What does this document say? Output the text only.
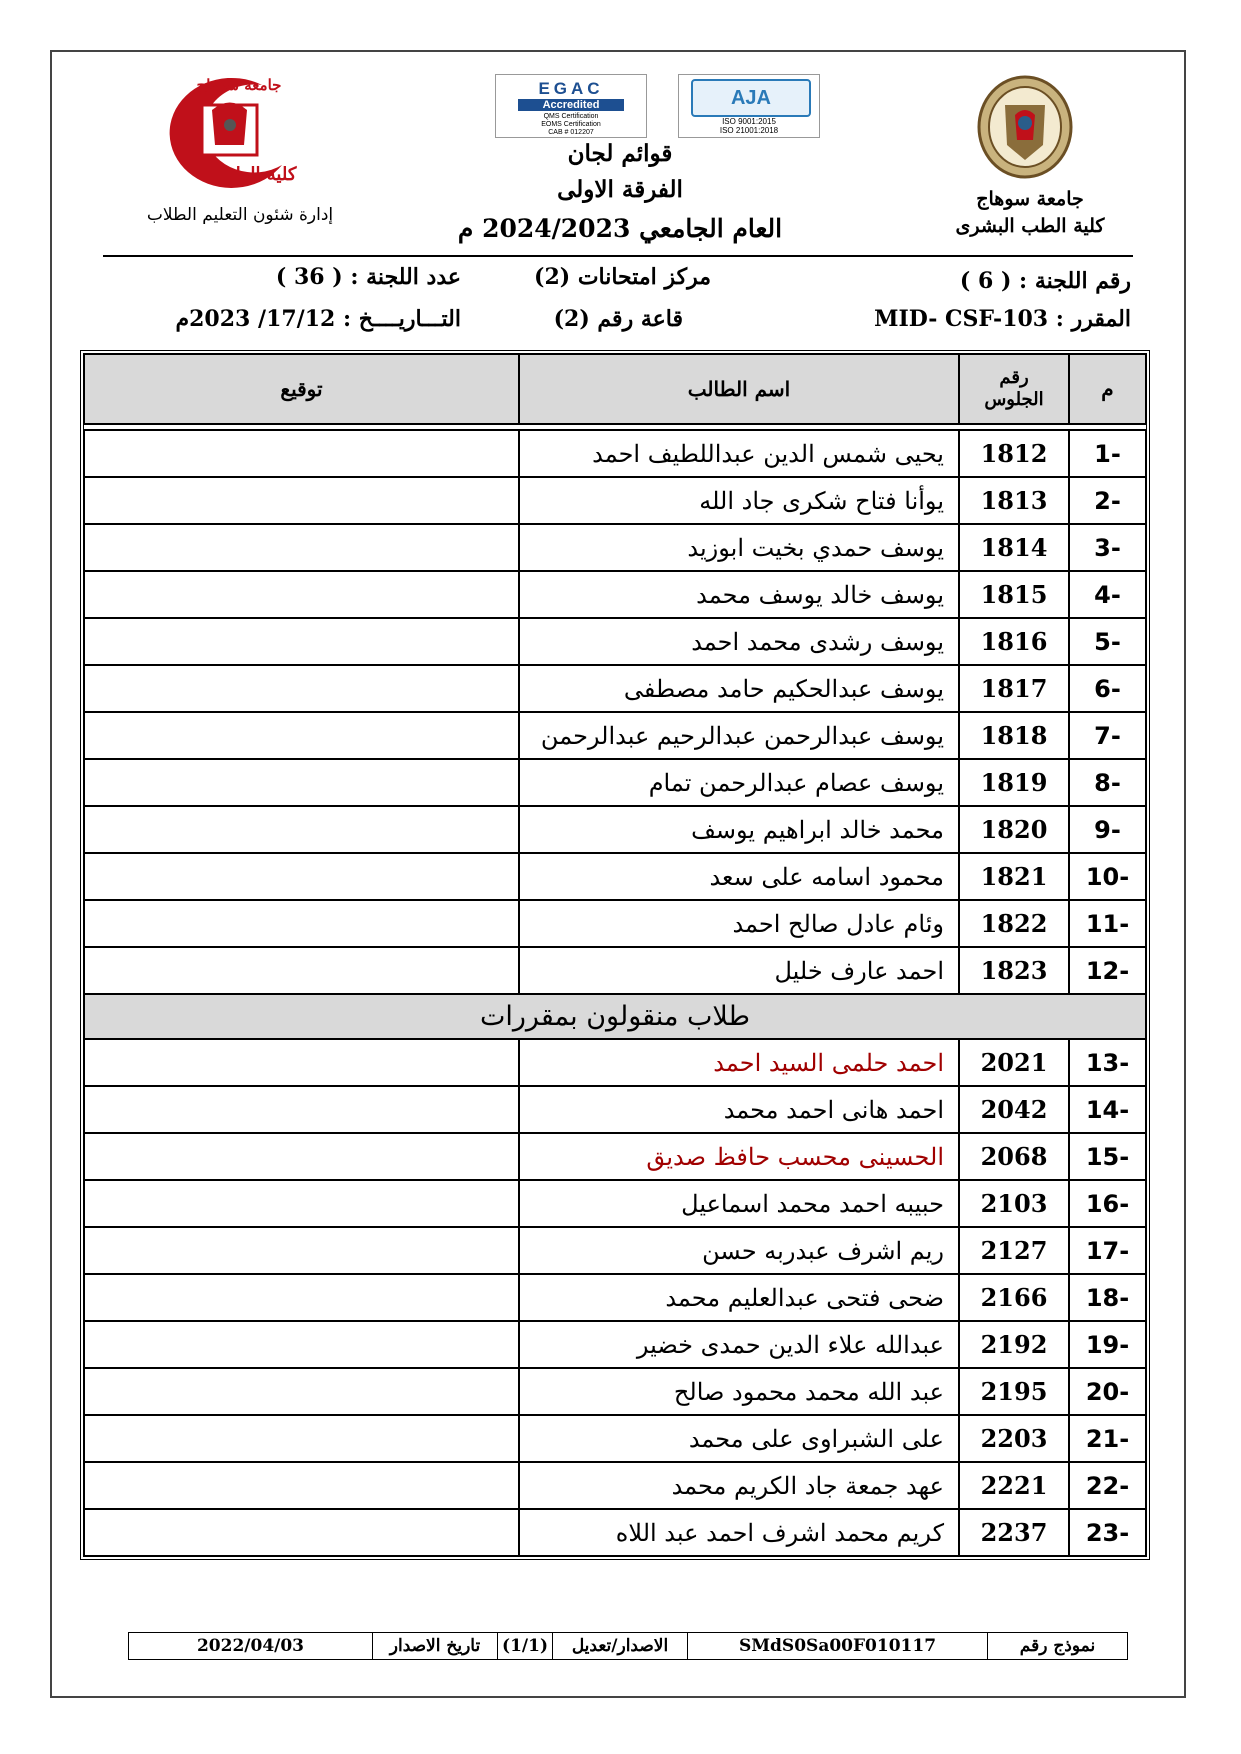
جامعة سوهاج
كلية الطب البشرى
EGAC
Accredited
QMS Certification
EOMS Certification
CAB # 012207
AJA
ISO 9001:2015
ISO 21001:2018
قوائم لجان
الفرقة الاولى
العام الجامعي 2024/2023 م
جامعة سوهاج
كلية الطب
إدارة شئون التعليم الطلاب
رقم اللجنة : ( 6 )
مركز امتحانات (2)
عدد اللجنة : ( 36 )
المقرر : MID- CSF-103
قاعة رقم (2)
التـــاريــــخ : 17/12/ 2023م
م	رقم الجلوس	اسم الطالب	توقيع

-1	1812	يحيى شمس الدين عبداللطيف احمد	
-2	1813	يوأنا فتاح شكرى جاد الله	
-3	1814	يوسف حمدي بخيت ابوزيد	
-4	1815	يوسف خالد يوسف محمد	
-5	1816	يوسف رشدى محمد احمد	
-6	1817	يوسف عبدالحكيم حامد مصطفى	
-7	1818	يوسف عبدالرحمن عبدالرحيم عبدالرحمن	
-8	1819	يوسف عصام عبدالرحمن تمام	
-9	1820	محمد خالد ابراهيم يوسف	
-10	1821	محمود اسامه على سعد	
-11	1822	وئام عادل صالح احمد	
-12	1823	احمد عارف خليل	
طلاب منقولون بمقررات			
-13	2021	احمد حلمى السيد احمد	
-14	2042	احمد هانى احمد محمد	
-15	2068	الحسينى محسب حافظ صديق	
-16	2103	حبيبه احمد محمد اسماعيل	
-17	2127	ريم اشرف عبدربه حسن	
-18	2166	ضحى فتحى عبدالعليم محمد	
-19	2192	عبدالله علاء الدين حمدى خضير	
-20	2195	عبد الله محمد محمود صالح	
-21	2203	على الشبراوى على محمد	
-22	2221	عهد جمعة جاد الكريم محمد	
-23	2237	كريم محمد اشرف احمد عبد اللاه	
نموذج رقم
SMdS0Sa00F010117
الاصدار/تعديل
(1/1)
تاريخ الاصدار
2022/04/03
